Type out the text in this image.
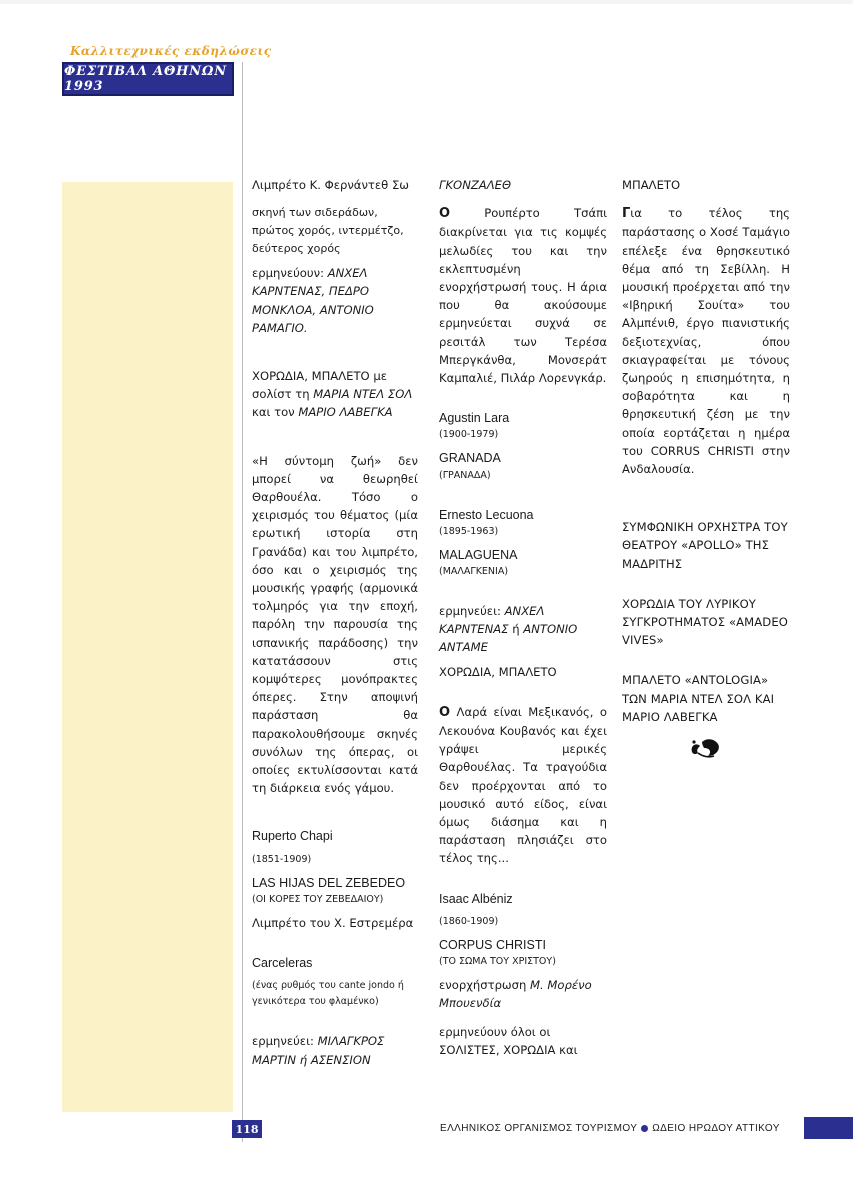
Καλλιτεχνικές εκδηλώσεις
ΦΕΣΤΙΒΑΛ ΑΘΗΝΩΝ 1993

Λιμπρέτο Κ. Φερνάντεθ Σω

σκηνή των σιδεράδων, πρώτος χορός, ιντερμέτζο, δεύτερος χορός

ερμηνεύουν: ΑΝΧΕΛ ΚΑΡΝΤΕΝΑΣ, ΠΕΔΡΟ ΜΟΝΚΛΟΑ, ΑΝΤΟΝΙΟ ΡΑΜΑΓΙΟ.

ΧΟΡΩΔΙΑ, ΜΠΑΛΕΤΟ με σολίστ τη ΜΑΡΙΑ ΝΤΕΛ ΣΟΛ και τον ΜΑΡΙΟ ΛΑΒΕΓΚΑ

«Η σύντομη ζωή» δεν μπορεί να θεωρηθεί Θαρθουέλα. Τόσο ο χειρισμός του θέματος (μία ερωτική ιστορία στη Γρανάδα) και του λιμπρέτο, όσο και ο χειρισμός της μουσικής γραφής (αρμονικά τολμηρός για την εποχή, παρόλη την παρουσία της ισπανικής παράδοσης) την κατατάσσουν στις κομψότερες μονόπρακτες όπερες. Στην αποψινή παράσταση θα παρακολουθήσουμε σκηνές συνόλων της όπερας, οι οποίες εκτυλίσσονται κατά τη διάρκεια ενός γάμου.

Ruperto Chapi

(1851-1909)

LAS HIJAS DEL ZEBEDEO

(ΟΙ ΚΟΡΕΣ ΤΟΥ ΖΕΒΕΔΑΙΟΥ)

Λιμπρέτο του Χ. Εστρεμέρα

Carceleras

(ένας ρυθμός του cante jondo ή γενικότερα του φλαμένκο)

ερμηνεύει: ΜΙΛΑΓΚΡΟΣ ΜΑΡΤΙΝ ή ΑΣΕΝΣΙΟΝ

ΓΚΟΝΖΑΛΕΘ

Ο Ρουπέρτο Τσάπι διακρίνεται για τις κομψές μελωδίες του και την εκλεπτυσμένη ενορχήστρωσή τους. Η άρια που θα ακούσουμε ερμηνεύεται συχνά σε ρεσιτάλ των Τερέσα Μπεργκάνθα, Μονσεράτ Καμπαλιέ, Πιλάρ Λορενγκάρ.

Agustin Lara

(1900-1979)

GRANADA

(ΓΡΑΝΑΔΑ)

Ernesto Lecuona

(1895-1963)

MALAGUENA

(ΜΑΛΑΓΚΕΝΙΑ)

ερμηνεύει: ΑΝΧΕΛ ΚΑΡΝΤΕΝΑΣ ή ΑΝΤΟΝΙΟ ΑΝΤΑΜΕ

ΧΟΡΩΔΙΑ, ΜΠΑΛΕΤΟ

Ο Λαρά είναι Μεξικανός, ο Λεκουόνα Κουβανός και έχει γράψει μερικές Θαρθουέλας. Τα τραγούδια δεν προέρχονται από το μουσικό αυτό είδος, είναι όμως διάσημα και η παράσταση πλησιάζει στο τέλος της...

Isaac Albéniz

(1860-1909)

CORPUS CHRISTI

(ΤΟ ΣΩΜΑ ΤΟΥ ΧΡΙΣΤΟΥ)

ενορχήστρωση Μ. Μορένο Μπουενδία

ερμηνεύουν όλοι οι ΣΟΛΙΣΤΕΣ, ΧΟΡΩΔΙΑ και

ΜΠΑΛΕΤΟ

Για το τέλος της παράστασης ο Χοσέ Ταμάγιο επέλεξε ένα θρησκευτικό θέμα από τη Σεβίλλη. Η μουσική προέρχεται από την «Ιβηρική Σουίτα» του Αλμπένιθ, έργο πιανιστικής δεξιοτεχνίας, όπου σκιαγραφείται με τόνους ζωηρούς η επισημότητα, η σοβαρότητα και η θρησκευτική ζέση με την οποία εορτάζεται η ημέρα του CORRUS CHRISTI στην Ανδαλουσία.

ΣΥΜΦΩΝΙΚΗ ΟΡΧΗΣΤΡΑ ΤΟΥ ΘΕΑΤΡΟΥ «APOLLO» ΤΗΣ ΜΑΔΡΙΤΗΣ

ΧΟΡΩΔΙΑ ΤΟΥ ΛΥΡΙΚΟΥ ΣΥΓΚΡΟΤΗΜΑΤΟΣ «AMADEO VIVES»

ΜΠΑΛΕΤΟ «ANTOLOGIA» ΤΩΝ ΜΑΡΙΑ ΝΤΕΛ ΣΟΛ ΚΑΙ ΜΑΡΙΟ ΛΑΒΕΓΚΑ

118	ΕΛΛΗΝΙΚΟΣ ΟΡΓΑΝΙΣΜΟΣ ΤΟΥΡΙΣΜΟΥ ΩΔΕΙΟ ΗΡΩΔΟΥ ΑΤΤΙΚΟΥ
